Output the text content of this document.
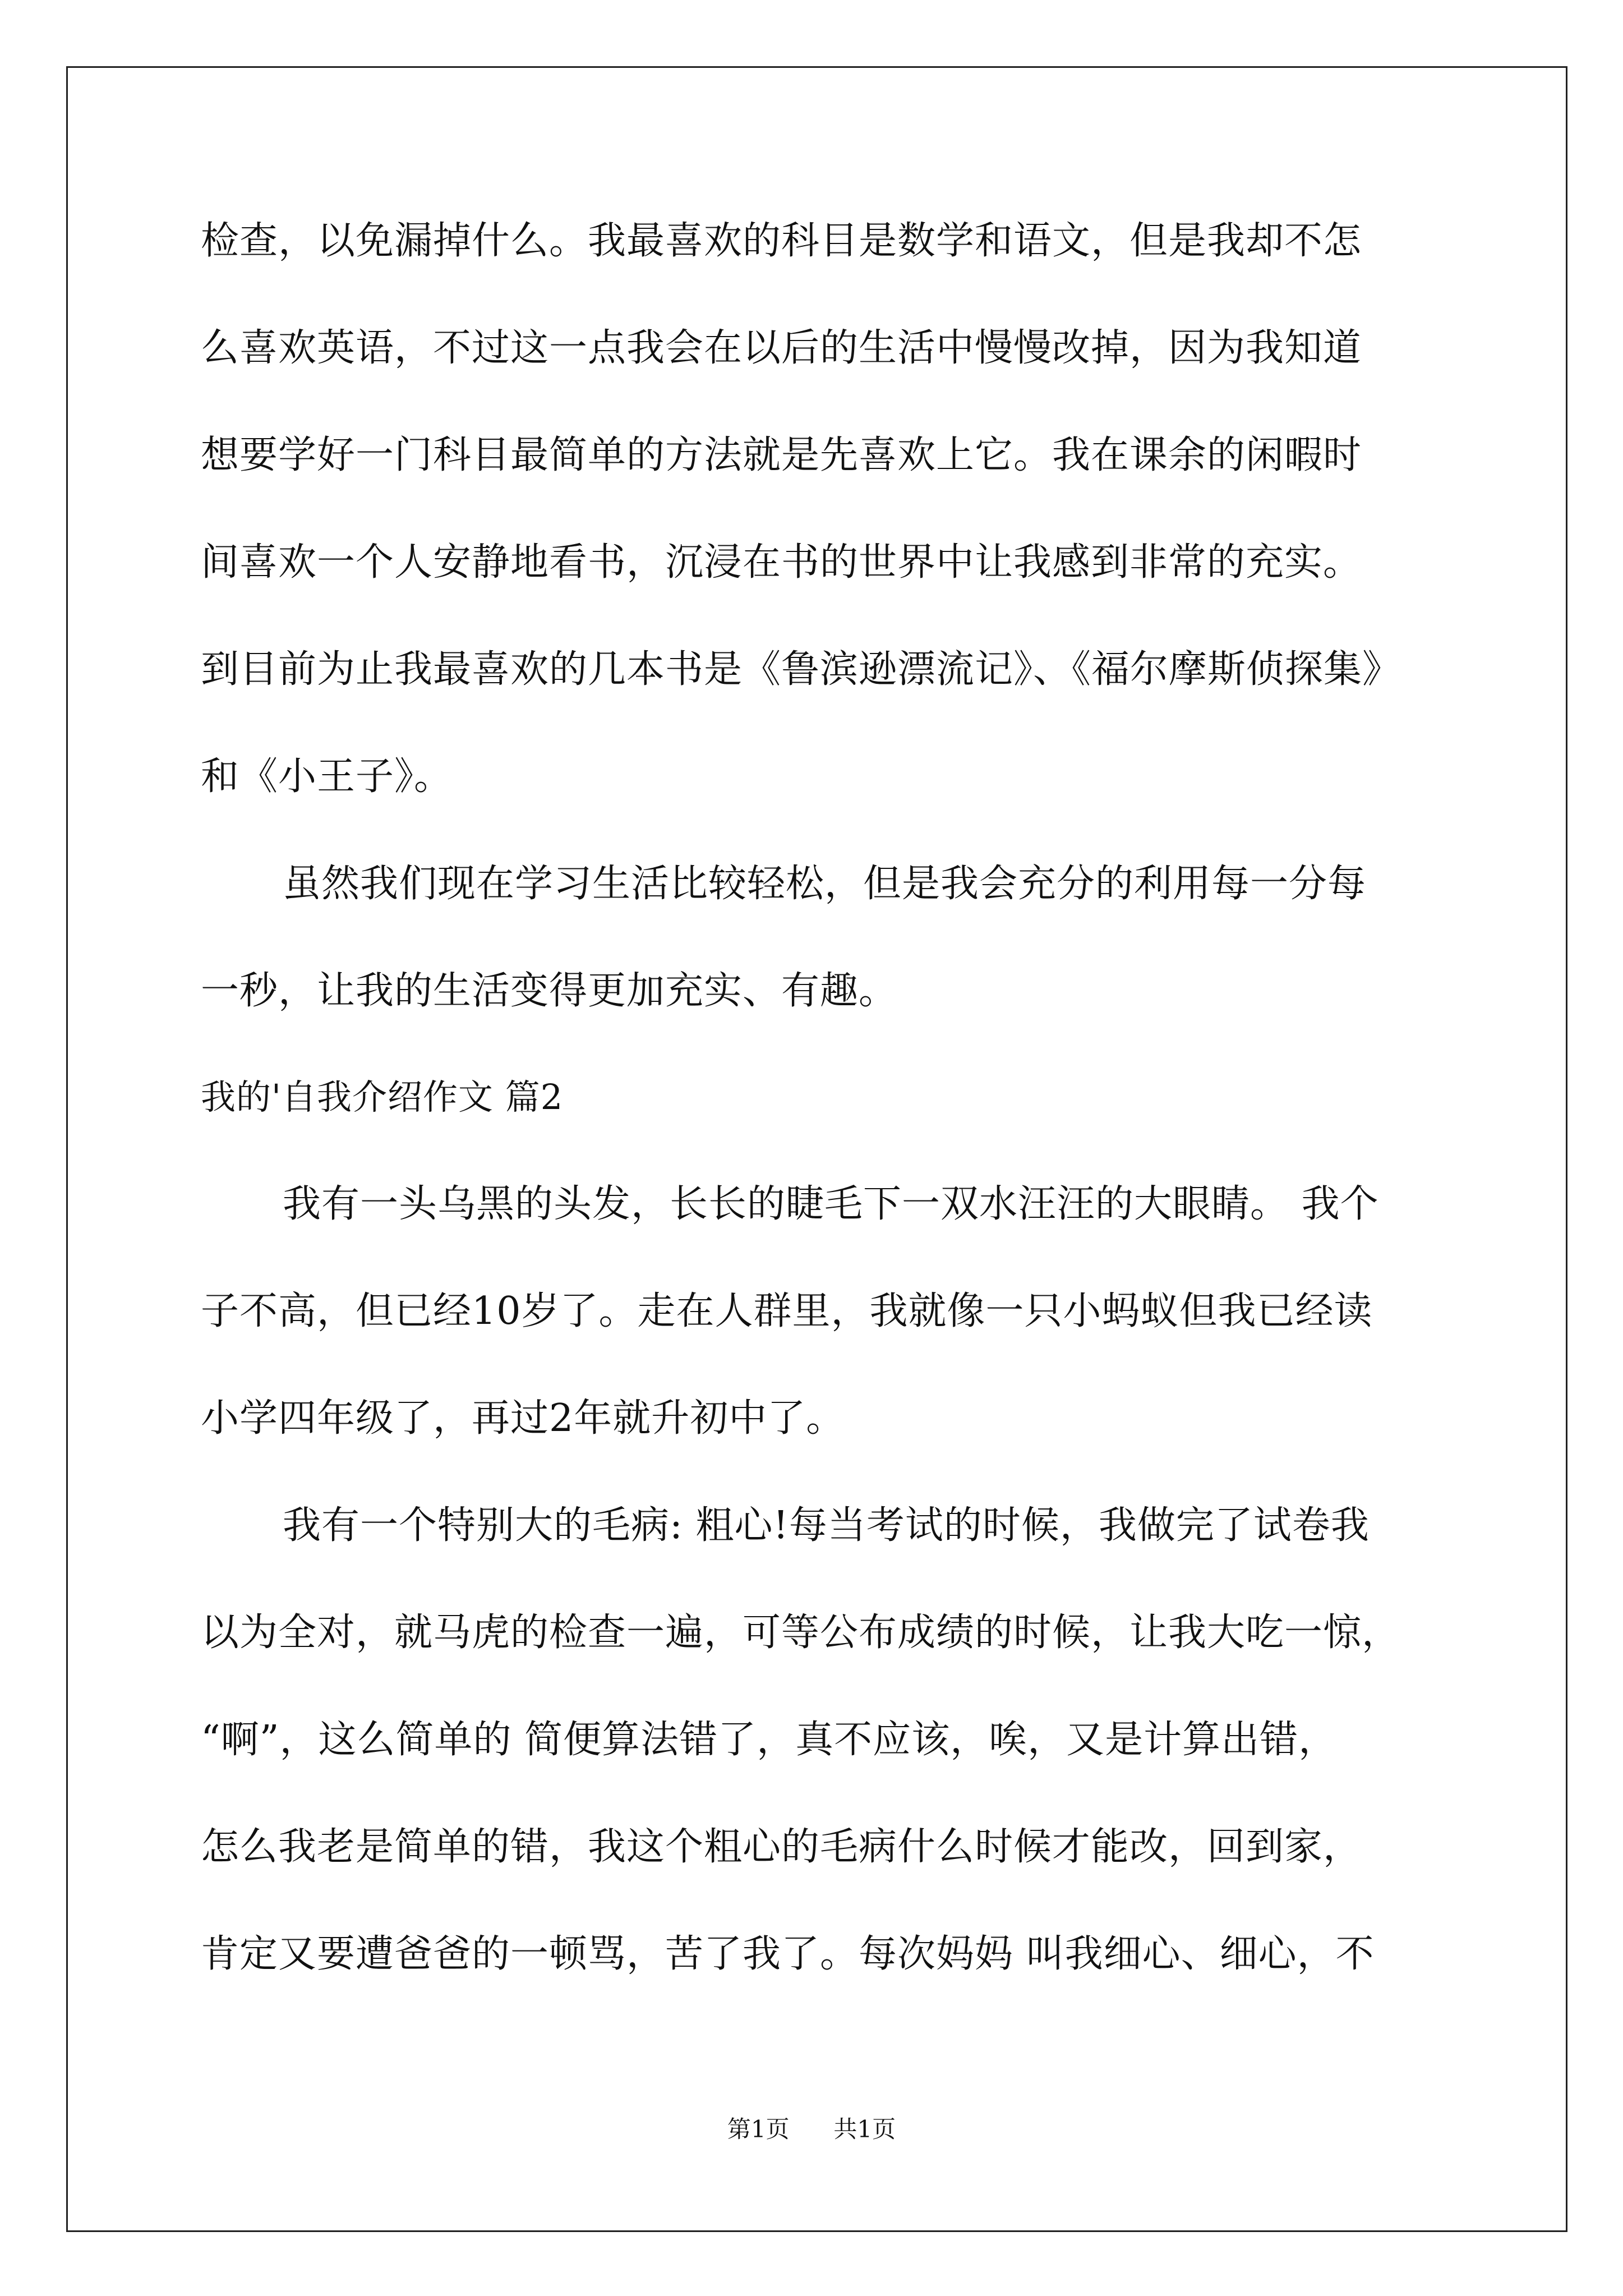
检查，以免漏掉什么。我最喜欢的科目是数学和语文，但是我却不怎
么喜欢英语，不过这一点我会在以后的生活中慢慢改掉，因为我知道
想要学好一门科目最简单的方法就是先喜欢上它。我在课余的闲暇时
间喜欢一个人安静地看书，沉浸在书的世界中让我感到非常的充实。
到目前为止我最喜欢的几本书是《鲁滨逊漂流记》、《福尔摩斯侦探集》
和《小王子》。
虽然我们现在学习生活比较轻松，但是我会充分的利用每一分每
一秒，让我的生活变得更加充实、有趣。
我的'自我介绍作文 篇2
我有一头乌黑的头发，长长的睫毛下一双水汪汪的大眼睛。 我个
子不高，但已经10岁了。走在人群里，我就像一只小蚂蚁但我已经读
小学四年级了，再过2年就升初中了。
我有一个特别大的毛病: 粗心!每当考试的时候，我做完了试卷我
以为全对，就马虎的检查一遍，可等公布成绩的时候，让我大吃一惊，
“啊”，这么简单的 简便算法错了，真不应该，唉，又是计算出错，
怎么我老是简单的错，我这个粗心的毛病什么时候才能改，回到家，
肯定又要遭爸爸的一顿骂，苦了我了。每次妈妈 叫我细心、细心，不
第1页 共1页
